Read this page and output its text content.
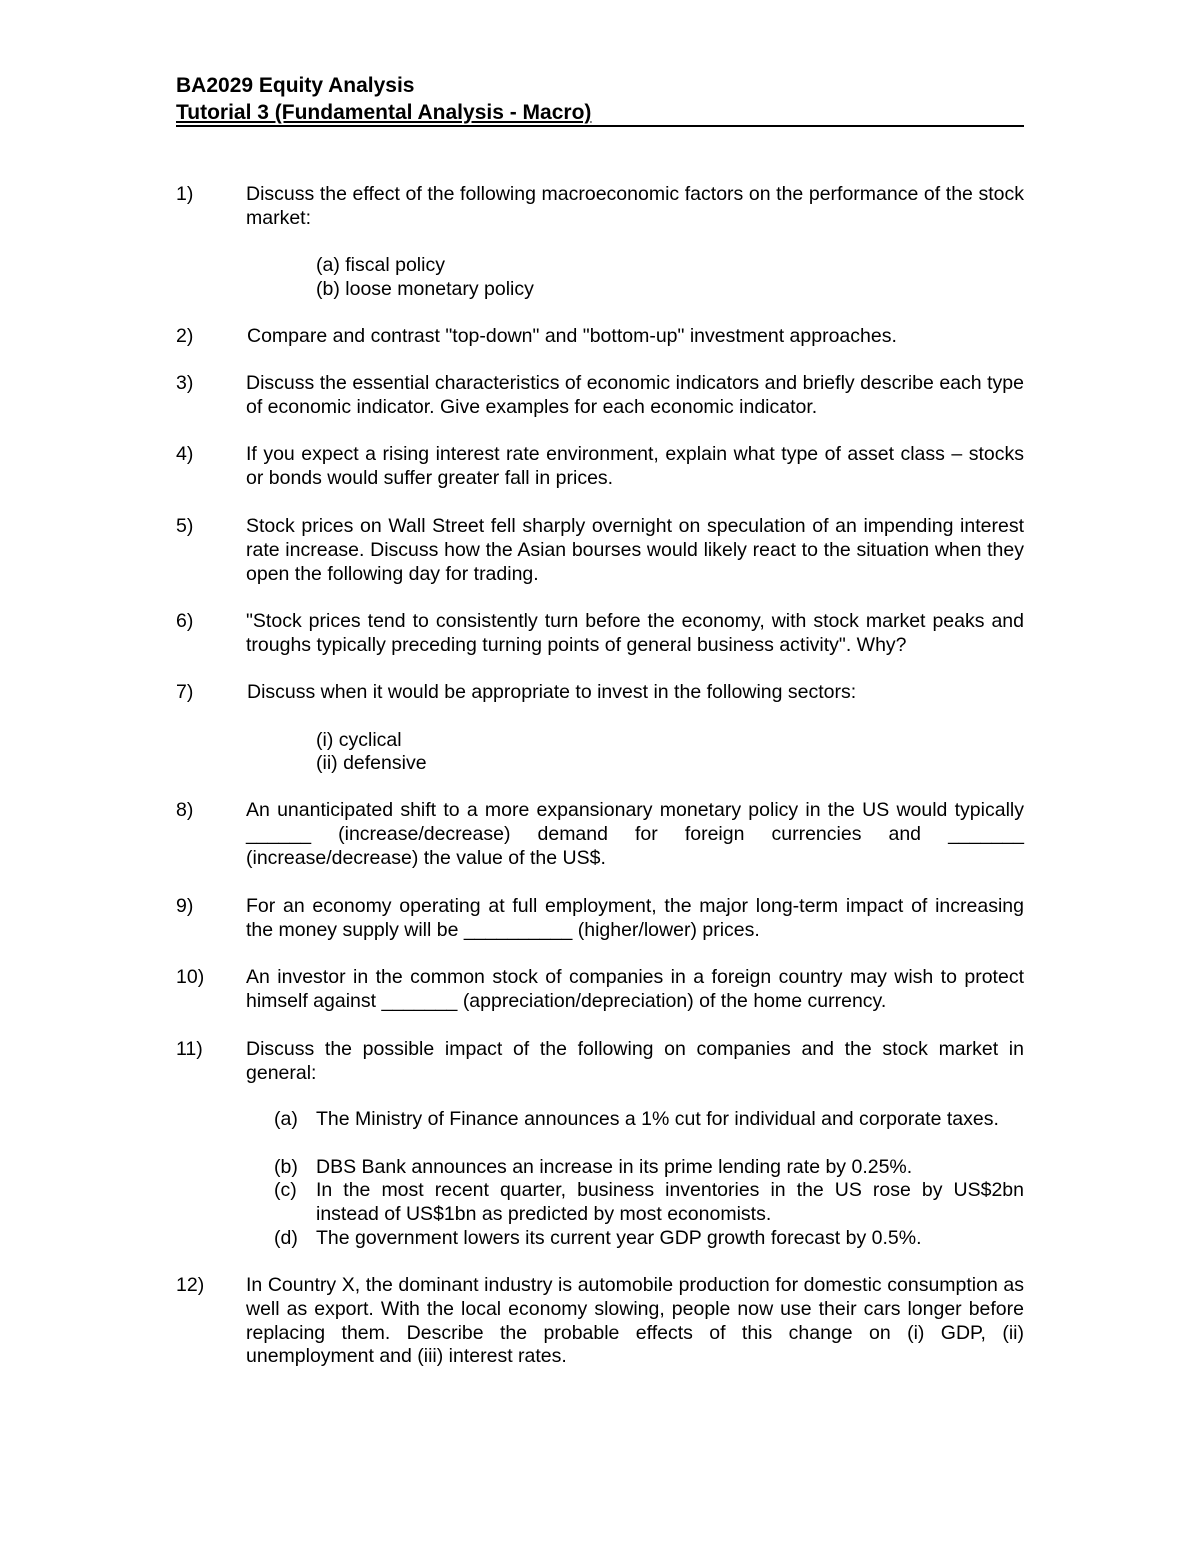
BA2029 Equity Analysis
Tutorial 3 (Fundamental Analysis - Macro)
1)	Discuss the effect of the following macroeconomic factors on the performance of the stock market:
(a) fiscal policy
(b) loose monetary policy
2)	Compare and contrast "top-down" and "bottom-up" investment approaches.
3)	Discuss the essential characteristics of economic indicators and briefly describe each type of economic indicator. Give examples for each economic indicator.
4)	If you expect a rising interest rate environment, explain what type of asset class – stocks or bonds would suffer greater fall in prices.
5)	Stock prices on Wall Street fell sharply overnight on speculation of an impending interest rate increase. Discuss how the Asian bourses would likely react to the situation when they open the following day for trading.
6)	"Stock prices tend to consistently turn before the economy, with stock market peaks and troughs typically preceding turning points of general business activity". Why?
7)	Discuss when it would be appropriate to invest in the following sectors:
(i) cyclical
(ii) defensive
8)	An unanticipated shift to a more expansionary monetary policy in the US would typically ______ (increase/decrease) demand for foreign currencies and _______ (increase/decrease) the value of the US$.
9)	For an economy operating at full employment, the major long-term impact of increasing the money supply will be __________ (higher/lower) prices.
10) An investor in the common stock of companies in a foreign country may wish to protect himself against _______ (appreciation/depreciation) of the home currency.
11) Discuss the possible impact of the following on companies and the stock market in general:
(a) The Ministry of Finance announces a 1% cut for individual and corporate taxes.
(b) DBS Bank announces an increase in its prime lending rate by 0.25%.
(c) In the most recent quarter, business inventories in the US rose by US$2bn instead of US$1bn as predicted by most economists.
(d) The government lowers its current year GDP growth forecast by 0.5%.
12) In Country X, the dominant industry is automobile production for domestic consumption as well as export. With the local economy slowing, people now use their cars longer before replacing them. Describe the probable effects of this change on (i) GDP, (ii) unemployment and (iii) interest rates.
